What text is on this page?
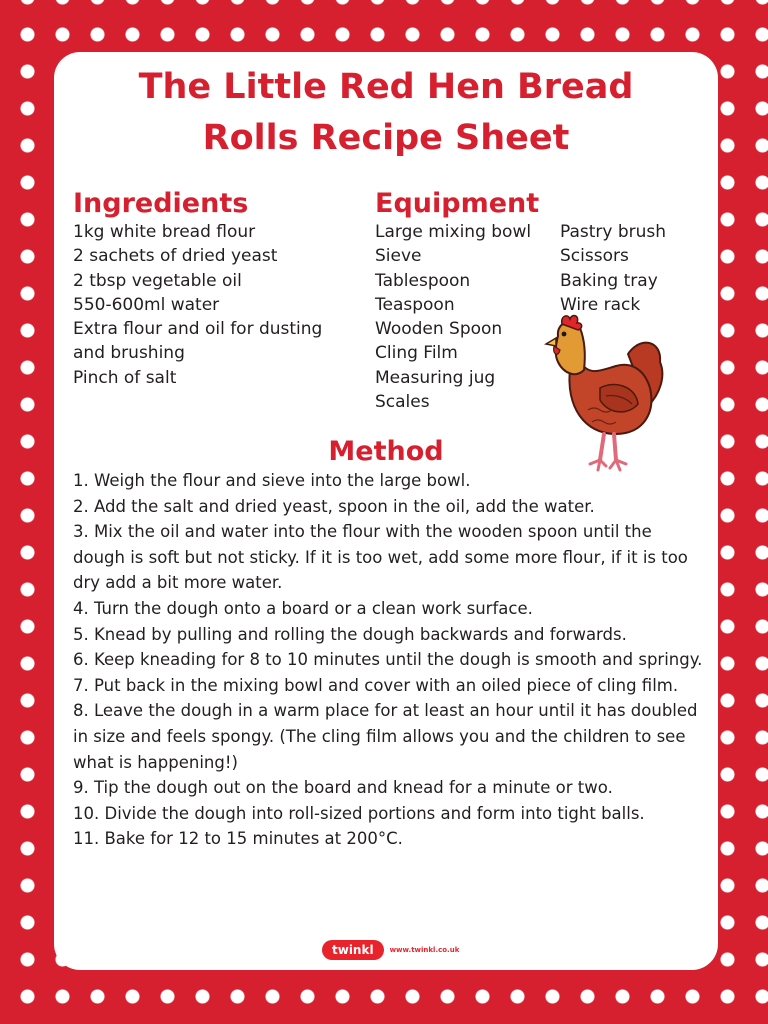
The Little Red Hen Bread
Rolls Recipe Sheet
Ingredients
1kg white bread flour
2 sachets of dried yeast
2 tbsp vegetable oil
550-600ml water
Extra flour and oil for dusting
and brushing
Pinch of salt
Equipment
Large mixing bowl
Sieve
Tablespoon
Teaspoon
Wooden Spoon
Cling Film
Measuring jug
Scales
Pastry brush
Scissors
Baking tray
Wire rack
Method
1. Weigh the flour and sieve into the large bowl.
2. Add the salt and dried yeast, spoon in the oil, add the water.
3. Mix the oil and water into the flour with the wooden spoon until the dough is soft but not sticky. If it is too wet, add some more flour, if it is too dry add a bit more water.
4. Turn the dough onto a board or a clean work surface.
5. Knead by pulling and rolling the dough backwards and forwards.
6. Keep kneading for 8 to 10 minutes until the dough is smooth and springy.
7. Put back in the mixing bowl and cover with an oiled piece of cling film.
8. Leave the dough in a warm place for at least an hour until it has doubled in size and feels spongy. (The cling film allows you and the children to see what is happening!)
9. Tip the dough out on the board and knead for a minute or two.
10. Divide the dough into roll-sized portions and form into tight balls.
11. Bake for 12 to 15 minutes at 200°C.
twinkl	www.twinkl.co.uk
